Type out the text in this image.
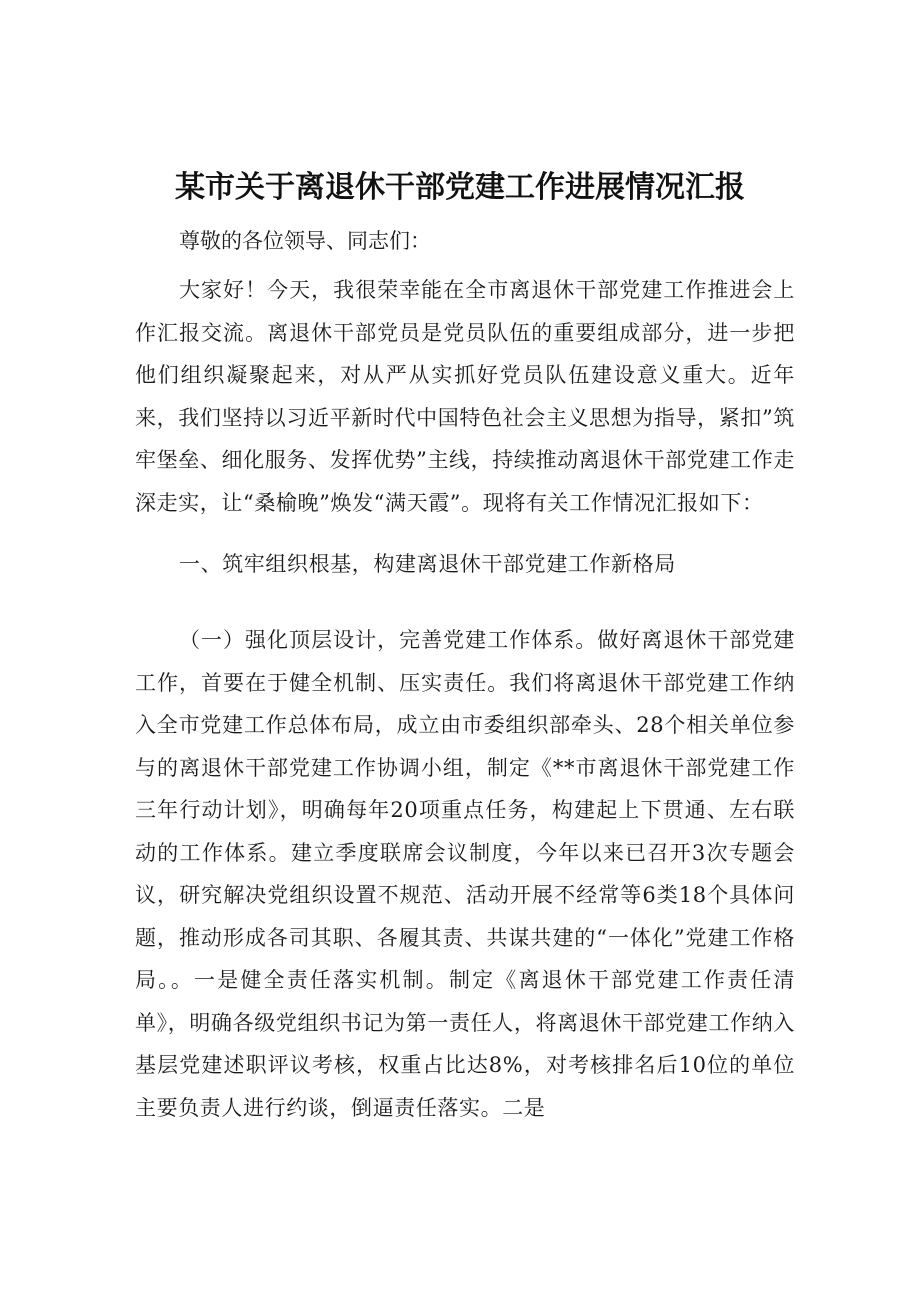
某市关于离退休干部党建工作进展情况汇报

尊敬的各位领导、同志们：

大家好！今天，我很荣幸能在全市离退休干部党建工作推进会上作汇报交流。离退休干部党员是党员队伍的重要组成部分，进一步把他们组织凝聚起来，对从严从实抓好党员队伍建设意义重大。近年来，我们坚持以习近平新时代中国特色社会主义思想为指导，紧扣”筑牢堡垒、细化服务、发挥优势”主线，持续推动离退休干部党建工作走深走实，让“桑榆晚”焕发“满天霞”。现将有关工作情况汇报如下：

一、筑牢组织根基，构建离退休干部党建工作新格局

（一）强化顶层设计，完善党建工作体系。做好离退休干部党建工作，首要在于健全机制、压实责任。我们将离退休干部党建工作纳入全市党建工作总体布局，成立由市委组织部牵头、28个相关单位参与的离退休干部党建工作协调小组，制定《**市离退休干部党建工作三年行动计划》，明确每年20项重点任务，构建起上下贯通、左右联动的工作体系。建立季度联席会议制度，今年以来已召开3次专题会议，研究解决党组织设置不规范、活动开展不经常等6类18个具体问题，推动形成各司其职、各履其责、共谋共建的“一体化”党建工作格局。。一是健全责任落实机制。制定《离退休干部党建工作责任清单》，明确各级党组织书记为第一责任人，将离退休干部党建工作纳入基层党建述职评议考核，权重占比达8%，对考核排名后10位的单位主要负责人进行约谈，倒逼责任落实。二是
